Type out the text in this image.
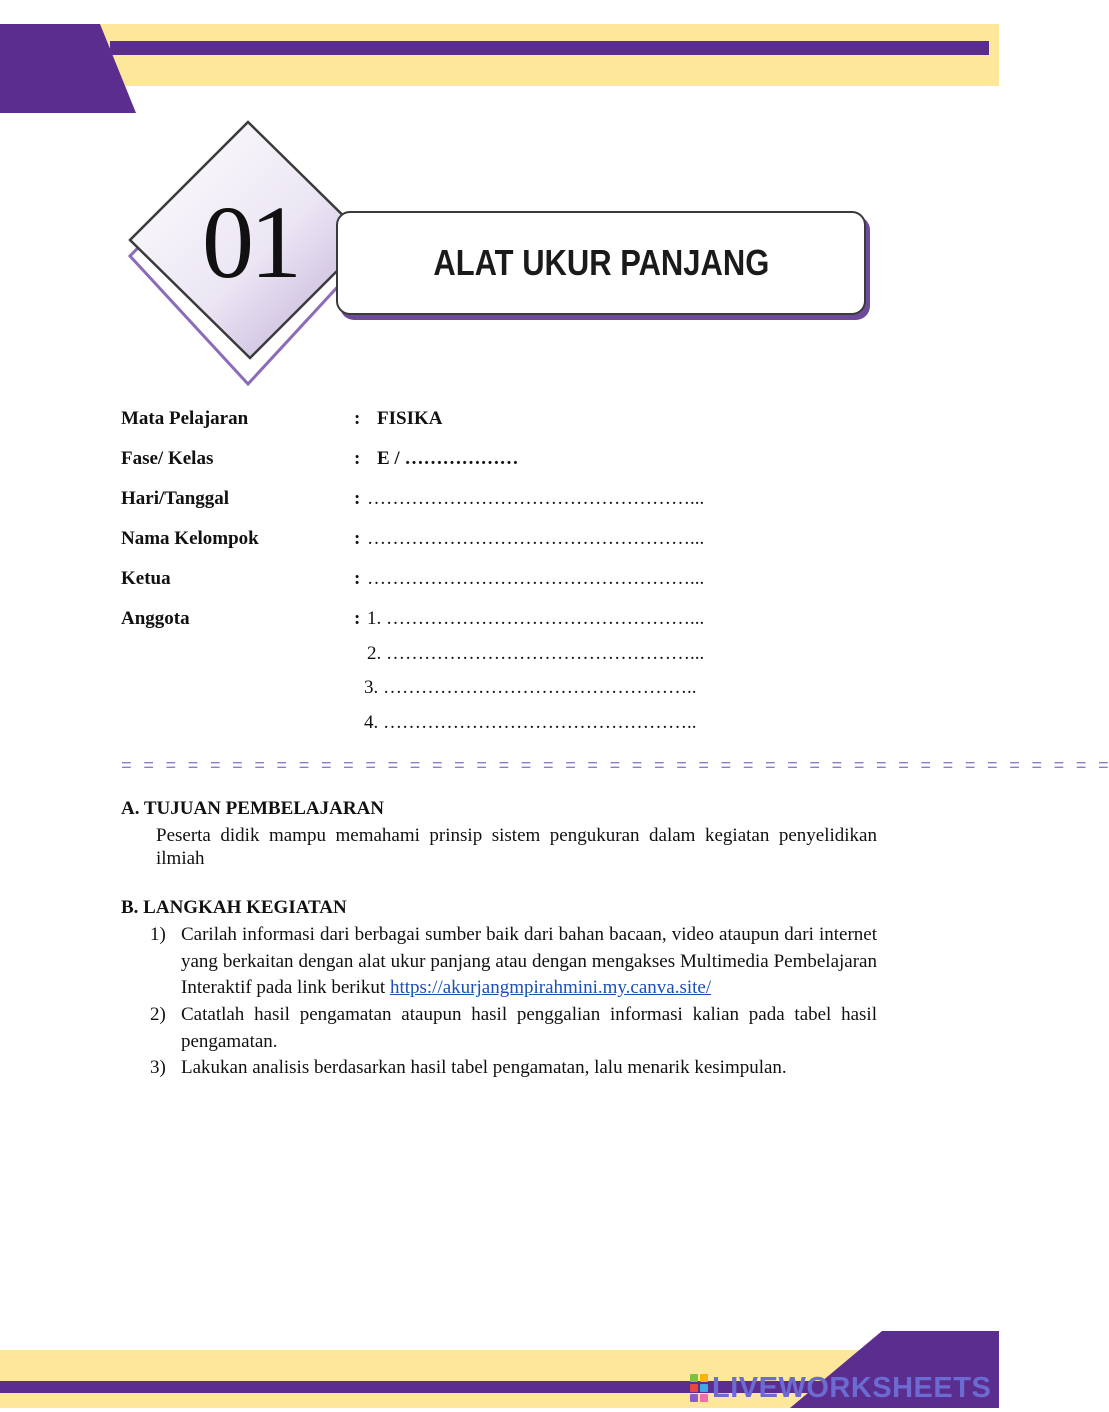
01	ALAT UKUR PANJANG
Mata Pelajaran	: FISIKA
Fase/ Kelas	: E / ………………
Hari/Tanggal	: ……………………………………………...
Nama Kelompok	: ……………………………………………...
Ketua	: ……………………………………………...
Anggota	: 1. …………………………………………...
2. …………………………………………...
3. …………………………………………..
4. …………………………………………..
= = = = = = = = = = = = = = = = = = = = = = = = = = = = = = = = = = = = = = = = = = = = =
A. TUJUAN PEMBELAJARAN
Peserta didik mampu memahami prinsip sistem pengukuran dalam kegiatan penyelidikan ilmiah
B. LANGKAH KEGIATAN
1) Carilah informasi dari berbagai sumber baik dari bahan bacaan, video ataupun dari internet yang berkaitan dengan alat ukur panjang atau dengan mengakses Multimedia Pembelajaran Interaktif pada link berikut https://akurjangmpirahmini.my.canva.site/
2) Catatlah hasil pengamatan ataupun hasil penggalian informasi kalian pada tabel hasil pengamatan.
3) Lakukan analisis berdasarkan hasil tabel pengamatan, lalu menarik kesimpulan.
LIVEWORKSHEETS
